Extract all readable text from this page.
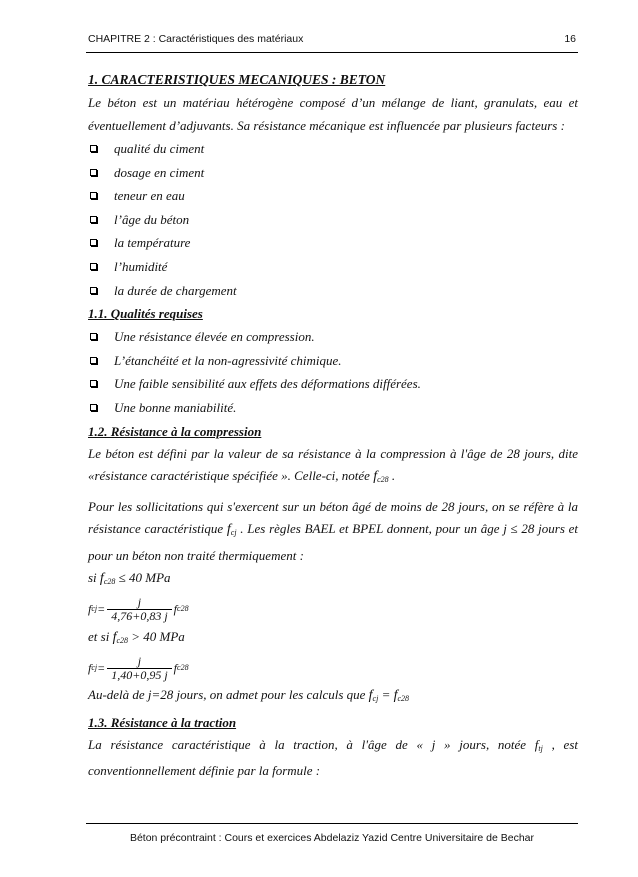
CHAPITRE 2 : Caractéristiques des matériaux	16
1. CARACTERISTIQUES MECANIQUES : BETON

Le béton est un matériau hétérogène composé d’un mélange de liant, granulats, eau et éventuellement d’adjuvants. Sa résistance mécanique est influencée par plusieurs facteurs :

qualité du ciment
dosage en ciment
teneur en eau
l’âge du béton
la température
l’humidité
la durée de chargement
1.1. Qualités requises
Une résistance élevée en compression.
L’étanchéité et la non-agressivité chimique.
Une faible sensibilité aux effets des déformations différées.
Une bonne maniabilité.
1.2. Résistance à la compression

Le béton est défini par la valeur de sa résistance à la compression à l'âge de 28 jours, dite «résistance caractéristique spécifiée ». Celle-ci, notée $f_{c28}$ .

Pour les sollicitations qui s'exercent sur un béton âgé de moins de 28 jours, on se réfère à la résistance caractéristique $f_{cj}$ . Les règles BAEL et BPEL donnent, pour un âge j ≤ 28 jours et pour un béton non traité thermiquement :

si $f_{c28} \le 40$ MPa

f cj = $\frac{j}{4,76+0,83 j}$ f c28

et si $f_{c28} > 40$ MPa

f cj = $\frac{j}{1,40+0,95 j}$ f c28

Au-delà de j=28 jours, on admet pour les calculs que $f_{cj} = f_{c28}$

1.3. Résistance à la traction

La résistance caractéristique à la traction, à l'âge de « j » jours, notée $f_{tj}$ , est conventionnellement définie par la formule :

Béton précontraint : Cours et exercices Abdelaziz Yazid Centre Universitaire de Bechar
